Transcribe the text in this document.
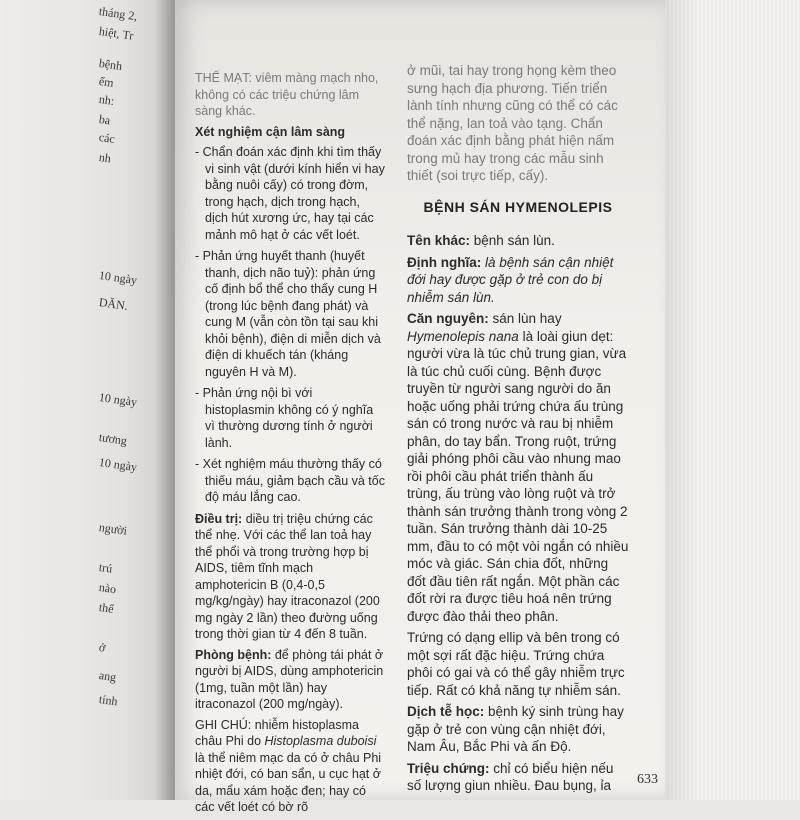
tháng 2,
hiệt, Tr
bệnh
ểm
nh:
ba
các
nh
10 ngày
DĂN.
10 ngày
tương
10 ngày
người
trú
nào
thể
ở
ang
tính

THỂ MẠT: viêm màng mạch nho, không có các triệu chứng lâm sàng khác.

Xét nghiệm cận lâm sàng

- Chẩn đoán xác định khi tìm thấy vi sinh vật (dưới kính hiển vi hay bằng nuôi cấy) có trong đờm, trong hạch, dịch trong hạch, dịch hút xương ức, hay tại các mảnh mô hạt ở các vết loét.

- Phản ứng huyết thanh (huyết thanh, dịch não tuỷ): phản ứng cố định bổ thể cho thấy cung H (trong lúc bệnh đang phát) và cung M (vẫn còn tồn tại sau khi khỏi bệnh), điện di miễn dịch và điện di khuếch tán (kháng nguyên H và M).

- Phản ứng nội bì với histoplasmin không có ý nghĩa vì thường dương tính ở người lành.

- Xét nghiệm máu thường thấy có thiếu máu, giảm bạch cầu và tốc độ máu lắng cao.

Điều trị: diều trị triệu chứng các thể nhẹ. Với các thể lan toả hay thể phổi và trong trường hợp bị AIDS, tiêm tĩnh mạch amphotericin B (0,4-0,5 mg/kg/ngày) hay itraconazol (200 mg ngày 2 lần) theo đường uống trong thời gian từ 4 đến 8 tuần.

Phòng bệnh: để phòng tái phát ở người bị AIDS, dùng amphotericin (1mg, tuần một lần) hay itraconazol (200 mg/ngày).

GHI CHÚ: nhiễm histoplasma châu Phi do Histoplasma duboisi là thể niêm mạc da có ở châu Phi nhiệt đới, có ban sẩn, u cục hạt ở da, mẩu xám hoặc đen; hay có các vết loét có bờ rõ

ở mũi, tai hay trong họng kèm theo sưng hạch địa phương. Tiến triển lành tính nhưng cũng có thể có các thể nặng, lan toả vào tạng. Chẩn đoán xác định bằng phát hiện nấm trong mủ hay trong các mẫu sinh thiết (soi trực tiếp, cấy).

BỆNH SÁN HYMENOLEPIS

Tên khác: bệnh sán lùn.

Định nghĩa: là bệnh sán cận nhiệt đới hay được gặp ở trẻ con do bị nhiễm sán lùn.

Căn nguyên: sán lùn hay Hymenolepis nana là loài giun dẹt: người vừa là túc chủ trung gian, vừa là túc chủ cuối cùng. Bệnh được truyền từ người sang người do ăn hoặc uống phải trứng chứa ấu trùng sán có trong nước và rau bị nhiễm phân, do tay bẩn. Trong ruột, trứng giải phóng phôi cầu vào nhung mao rồi phôi cầu phát triển thành ấu trùng, ấu trùng vào lòng ruột và trở thành sán trưởng thành trong vòng 2 tuần. Sán trưởng thành dài 10-25 mm, đầu to có một vòi ngắn có nhiều móc và giác. Sán chia đốt, những đốt đầu tiên rất ngắn. Một phần các đốt rời ra được tiêu hoá nên trứng được đào thải theo phân.

Trứng có dạng ellip và bên trong có một sợi rất đặc hiệu. Trứng chứa phôi có gai và có thể gây nhiễm trực tiếp. Rất có khả năng tự nhiễm sán.

Dịch tễ học: bệnh ký sinh trùng hay gặp ở trẻ con vùng cận nhiệt đới, Nam Âu, Bắc Phi và ấn Độ.

Triệu chứng: chỉ có biểu hiện nếu số lượng giun nhiều. Đau bụng, ỉa	633
